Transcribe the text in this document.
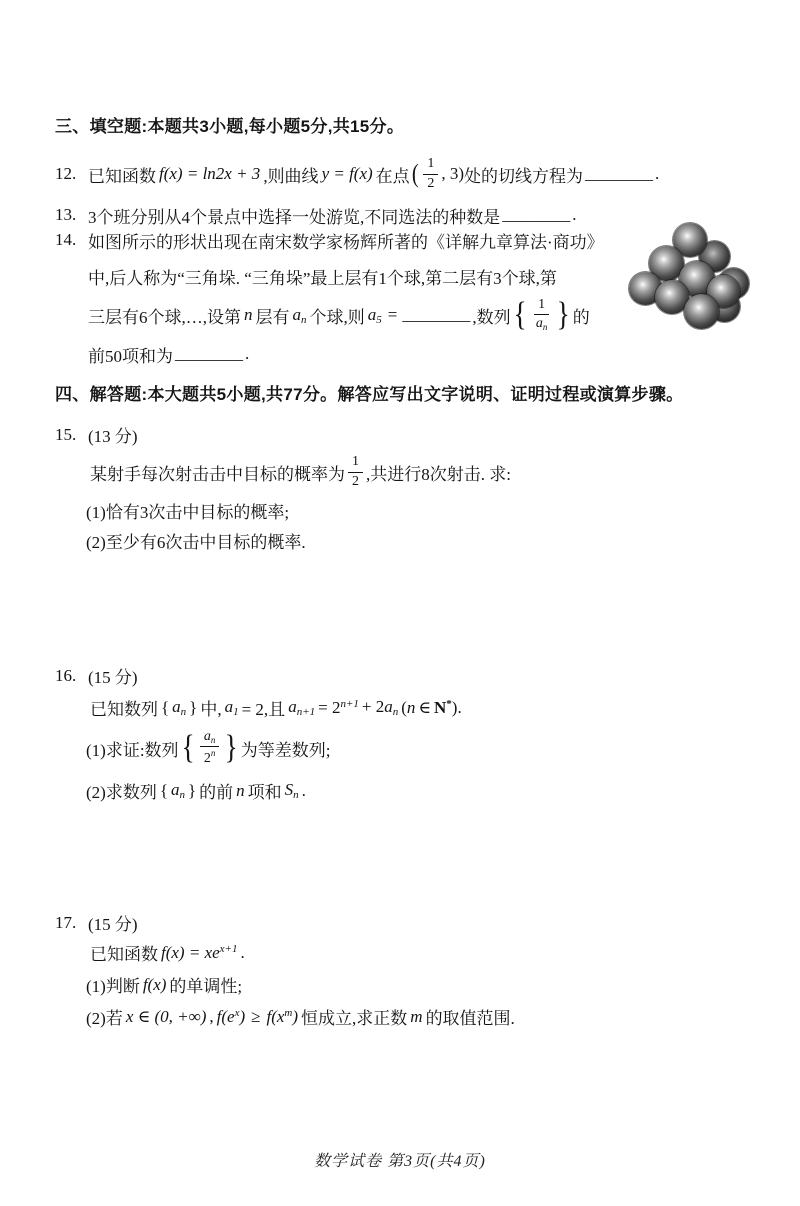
三、填空题:本题共3小题,每小题5分,共15分。
12. 已知函数 f(x) = ln2x + 3 ,则曲线 y = f(x) 在点 ( $\frac{1}{2}$ , 3) 处的切线方程为 ________ .
13. 3个班分别从4个景点中选择一处游览,不同选法的种数是 ________ .
14. 如图所示的形状出现在南宋数学家杨辉所著的《详解九章算法·商功》
中,后人称为“三角垛. “三角垛”最上层有1个球,第二层有3个球,第
三层有6个球,…,设第 n 层有 $a_n$ 个球,则 $a_5$ = ________ ,数列 { $\frac{1}{a_n}$ } 的
前50项和为 ________ .
四、解答题:本大题共5小题,共77分。解答应写出文字说明、证明过程或演算步骤。
15. (13 分)
某射手每次射击击中目标的概率为 $\frac{1}{2}$ ,共进行8次射击. 求:
(1)恰有3次击中目标的概率;
(2)至少有6次击中目标的概率.
16. (15 分)
已知数列 { $a_n$ } 中, $a_1 = 2$,且 $a_{n+1} = 2^{n+1} + 2a_n$ ( n ∈ N* ).
(1)求证:数列 { $\frac{a_n}{2^n}$ } 为等差数列;
(2)求数列 { $a_n$ } 的前 n 项和 $S_n$ .
17. (15 分)
已知函数 $f(x) = xe^{x+1}$ .
(1)判断 f(x) 的单调性;
(2)若 x ∈ (0, +∞) , $f(e^x) \ge f(x^m)$ 恒成立,求正数 m 的取值范围.
数学试卷 第3页(共4页)
